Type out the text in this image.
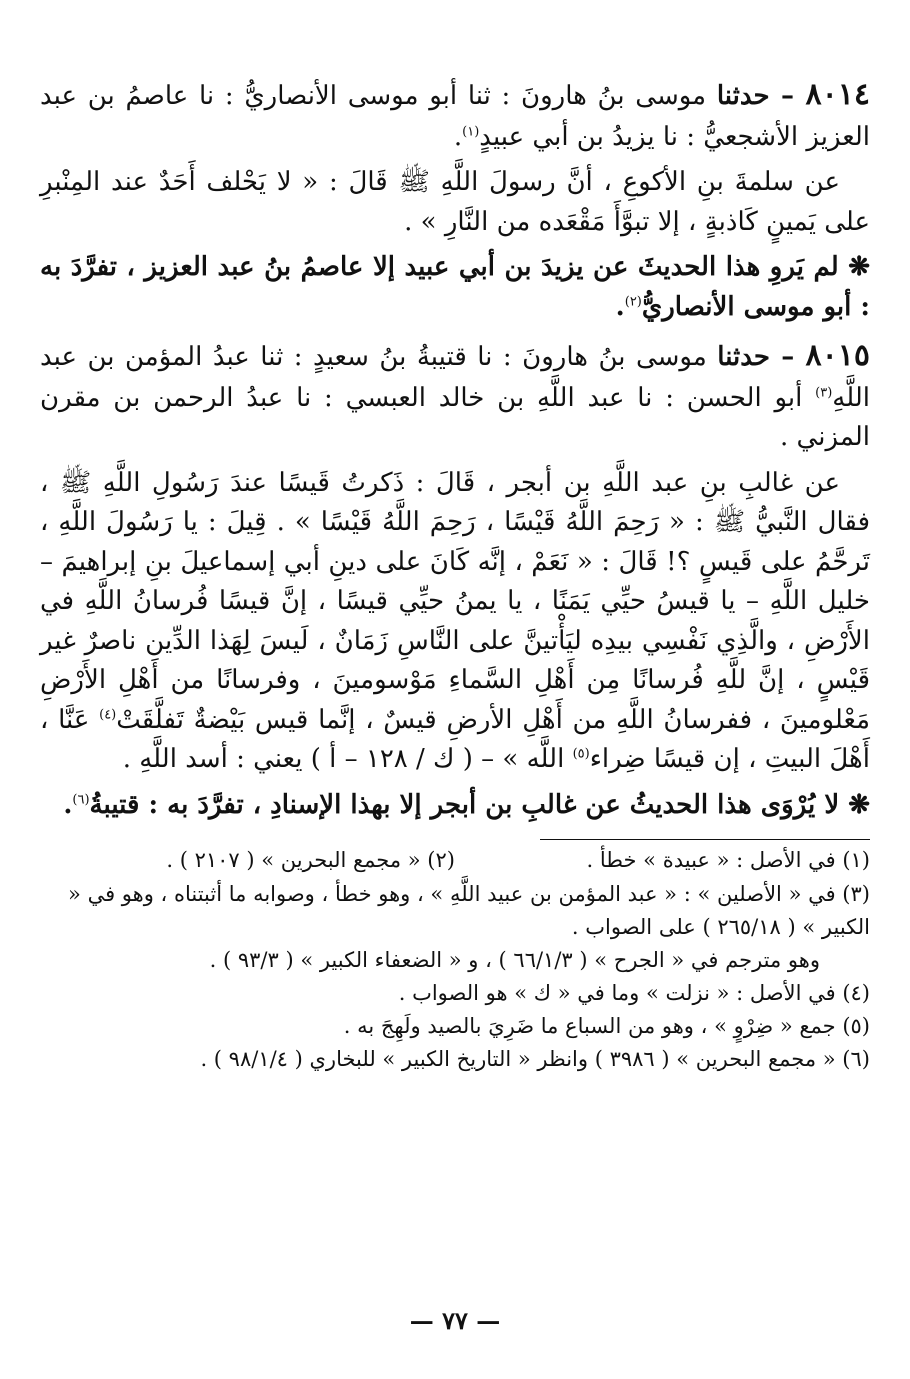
٨٠١٤ – حدثنا موسى بنُ هارونَ : ثنا أبو موسى الأنصاريُّ : نا عاصمُ بن عبد العزيز الأشجعيُّ : نا يزيدُ بن أبي عبيدٍ$^{(١)}$.

عن سلمةَ بنِ الأكوعِ ، أنَّ رسولَ اللَّهِ ﷺ قَالَ : « لا يَحْلف أَحَدٌ عند المِنْبرِ على يَمينٍ كَاذبةٍ ، إلا تبوَّأَ مَقْعَده من النَّارِ » .

❋ لم يَروِ هذا الحديثَ عن يزيدَ بن أبي عبيد إلا عاصمُ بنُ عبد العزيز ، تفرَّدَ به : أبو موسى الأنصاريُّ$^{(٢)}$.

٨٠١٥ – حدثنا موسى بنُ هارونَ : نا قتيبةُ بنُ سعيدٍ : ثنا عبدُ المؤمن بن عبد اللَّهِ$^{(٣)}$ أبو الحسن : نا عبد اللَّهِ بن خالد العبسي : نا عبدُ الرحمن بن مقرن المزني .

عن غالبِ بنِ عبد اللَّهِ بن أبجر ، قَالَ : ذَكرتُ قَيسًا عندَ رَسُولِ اللَّهِ ﷺ ، فقال النَّبيُّ ﷺ : « رَحِمَ اللَّهُ قَيْسًا ، رَحِمَ اللَّهُ قَيْسًا » . قِيلَ : يا رَسُولَ اللَّهِ ، تَرحَّمُ على قَيسٍ ؟! قَالَ : « نَعَمْ ، إنَّه كَانَ على دينِ أبي إسماعيلَ بنِ إبراهيمَ – خليل اللَّهِ – يا قيسُ حيِّي يَمَنًا ، يا يمنُ حيِّي قيسًا ، إنَّ قيسًا فُرسانُ اللَّهِ في الأَرْضِ ، والَّذِي نَفْسِي بيدِه ليَأْتينَّ على النَّاسِ زَمَانٌ ، لَيسَ لِهَذا الدِّين ناصرٌ غير قَيْسٍ ، إنَّ للَّهِ فُرسانًا مِن أَهْلِ السَّماءِ مَوْسومينَ ، وفرسانًا من أَهْلِ الأَرْضِ مَعْلومينَ ، ففرسانُ اللَّهِ من أَهْلِ الأرضِ قيسٌ ، إنَّما قيس بَيْضةٌ تَفلَّقَتْ$^{(٤)}$ عَنَّا ، أَهْلَ البيتِ ، إن قيسًا ضِراء$^{(٥)}$ اللَّه » – ( ك / ١٢٨ – أ ) يعني : أسد اللَّهِ .

❋ لا يُرْوَى هذا الحديثُ عن غالبِ بن أبجر إلا بهذا الإسنادِ ، تفرَّدَ به : قتيبةُ$^{(٦)}$.

(١) في الأصل : « عبيدة » خطأ .
(٢) « مجمع البحرين » ( ٢١٠٧ ) .

(٣) في « الأصلين » : « عبد المؤمن بن عبيد اللَّهِ » ، وهو خطأ ، وصوابه ما أثبتناه ، وهو في « الكبير » ( ٢٦٥/١٨ ) على الصواب .

وهو مترجم في « الجرح » ( ٦٦/١/٣ ) ، و « الضعفاء الكبير » ( ٩٣/٣ ) .

(٤) في الأصل : « نزلت » وما في « ك » هو الصواب .

(٥) جمع « ضِرْوٍ » ، وهو من السباع ما ضَرِيَ بالصيد ولَهِجَ به .

(٦) « مجمع البحرين » ( ٣٩٨٦ ) وانظر « التاريخ الكبير » للبخاري ( ٩٨/١/٤ ) .

— ٧٧ —
